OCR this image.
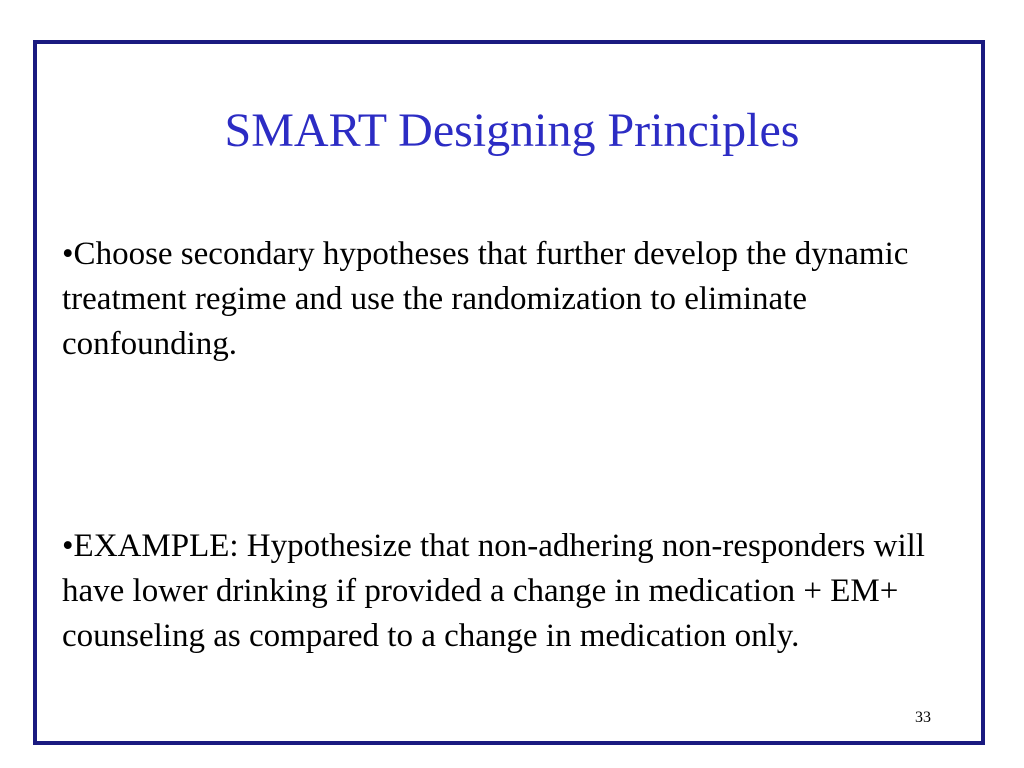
SMART Designing Principles

•Choose secondary hypotheses that further develop the dynamic treatment regime and use the randomization to eliminate confounding.

•EXAMPLE: Hypothesize that non-adhering non-responders will have lower drinking if provided a change in medication + EM+ counseling as compared to a change in medication only.

33
